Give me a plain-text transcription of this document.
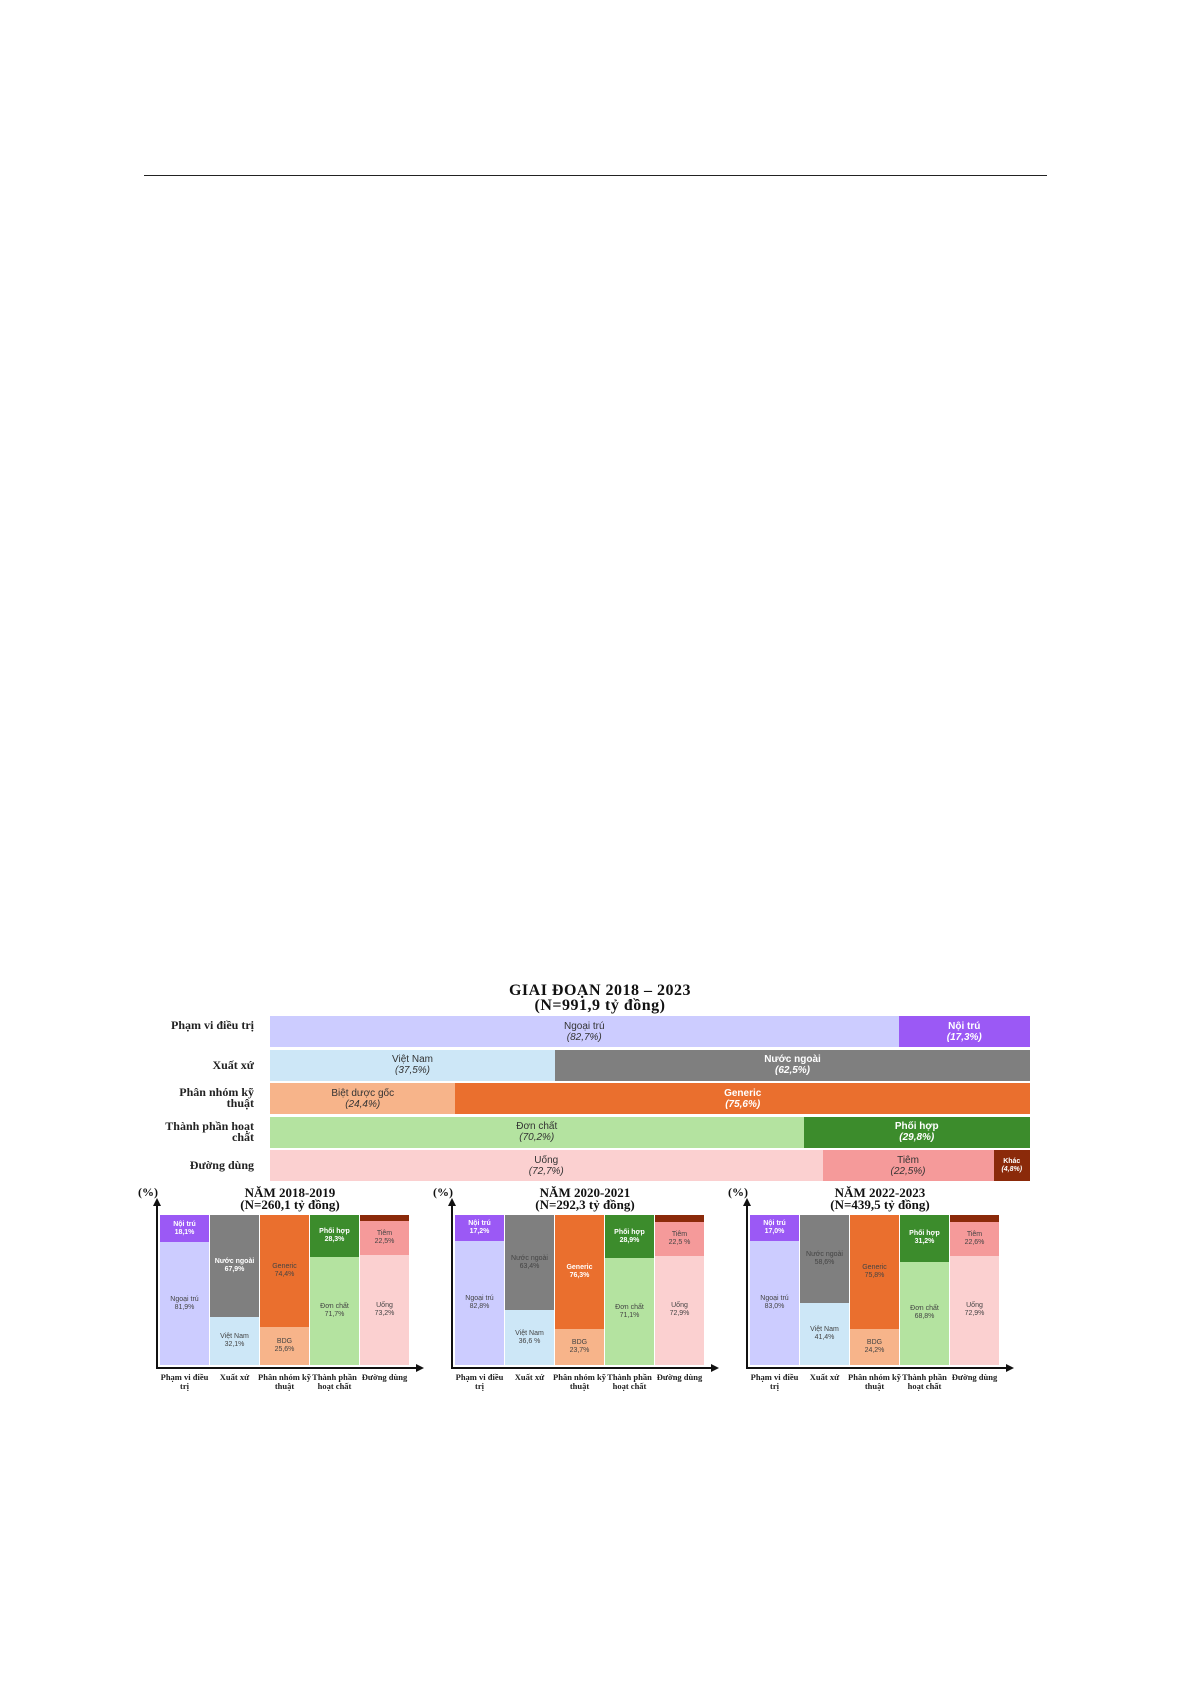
GIAI ĐOẠN 2018 – 2023
(N=991,9 tỷ đồng)
Phạm vi điều trị	Ngoại trú
(82,7%)
Nội trú
(17,3%)
Xuất xứ	Việt Nam
(37,5%)
Nước ngoài
(62,5%)
Phân nhóm kỹ thuật
Biệt dược gốc
(24,4%)
Generic
(75,6%)
Thành phần hoạt chất
Đơn chất
(70,2%)
Phối hợp
(29,8%)
Đường dùng	Uống
(72,7%)
Tiêm
(22,5%)
Khác
(4,8%)
NĂM 2018-2019
(N=260,1 tỷ đồng)
(%)
Ngoại trú
81,9%
Nội trú
18,1%
Phạm vi điều trị
Việt Nam
32,1%
Nước ngoài
67,9%
Xuất xứ
BDG
25,6%
Generic
74,4%
Phân nhóm kỹ thuật
Đơn chất
71,7%
Phối hợp
28,3%
Thành phần hoạt chất
Uống
73,2%
Tiêm
22,5%
Đường dùng
NĂM 2020-2021
(N=292,3 tỷ đồng)
(%)
Ngoại trú
82,8%
Nội trú
17,2%
Phạm vi điều trị
Việt Nam
36,6 %
Nước ngoài
63,4%
Xuất xứ
BDG
23,7%
Generic
76,3%
Phân nhóm kỹ thuật
Đơn chất
71,1%
Phối hợp
28,9%
Thành phần hoạt chất
Uống
72,9%
Tiêm
22,5 %
Đường dùng
NĂM 2022-2023
(N=439,5 tỷ đồng)
(%)
Ngoại trú
83,0%
Nội trú
17,0%
Phạm vi điều trị
Việt Nam
41,4%
Nước ngoài
58,6%
Xuất xứ
BDG
24,2%
Generic
75,8%
Phân nhóm kỹ thuật
Đơn chất
68,8%
Phối hợp
31,2%
Thành phần hoạt chất
Uống
72,9%
Tiêm
22,6%
Đường dùng
